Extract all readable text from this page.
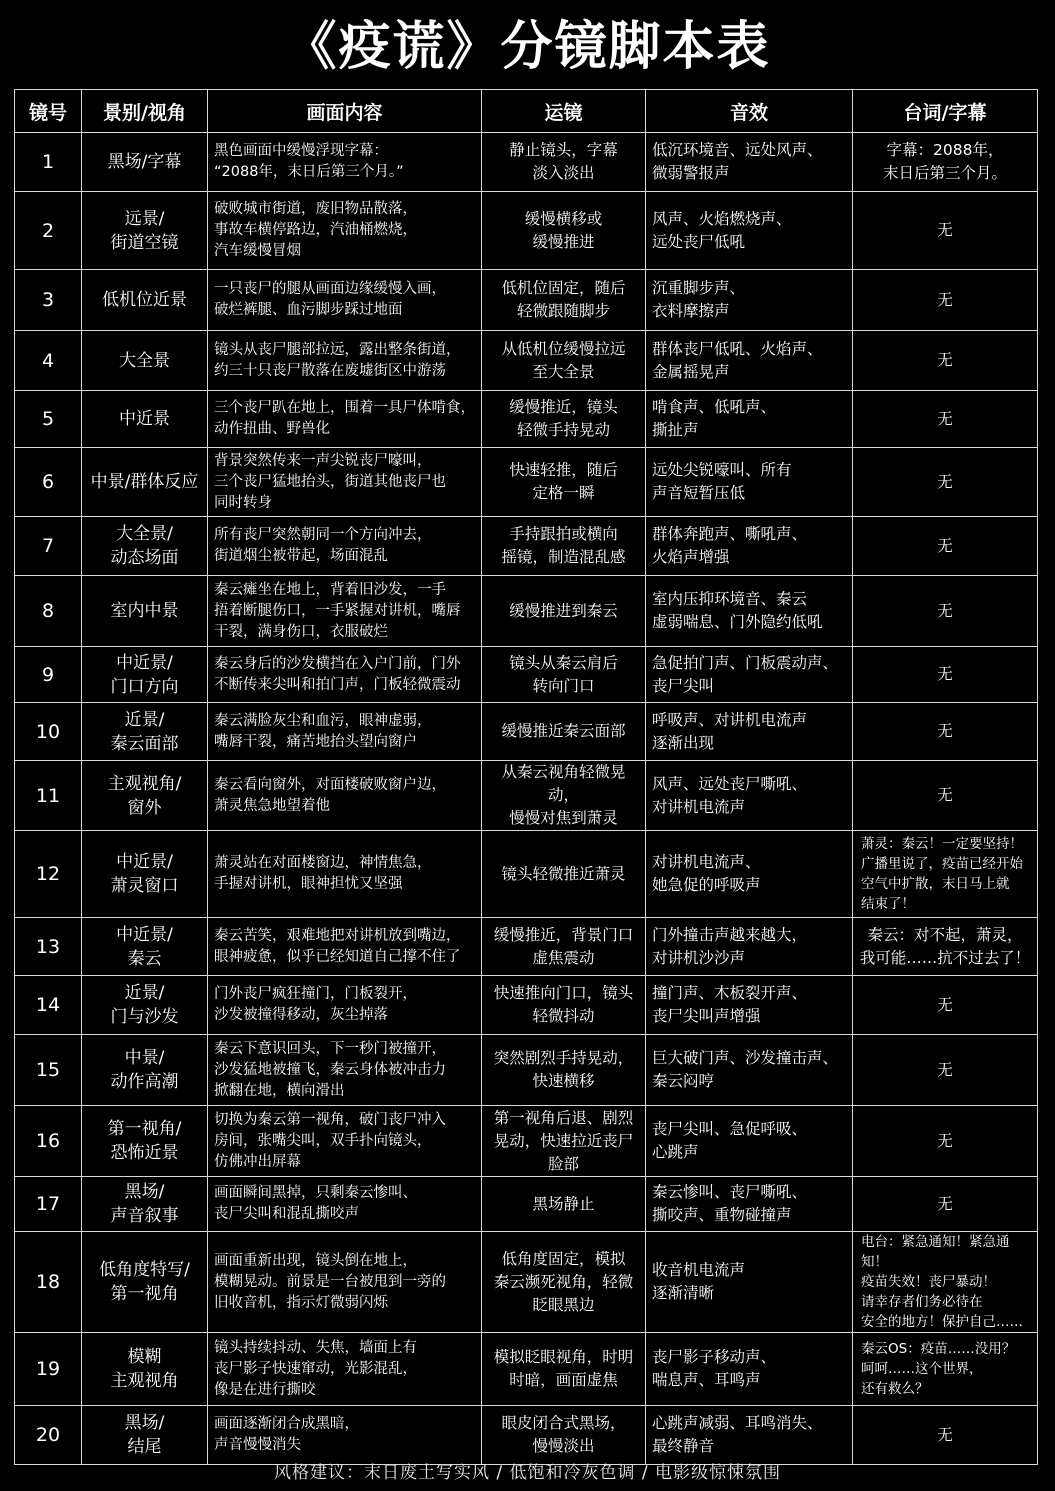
《疫谎》分镜脚本表
镜号	景别/视角	画面内容	运镜	音效	台词/字幕
1	黑场/字幕	黑色画面中缓慢浮现字幕：
“2088年，末日后第三个月。”	静止镜头，字幕
淡入淡出	低沉环境音、远处风声、
微弱警报声	字幕：2088年，
末日后第三个月。
2	远景/
街道空镜	破败城市街道，废旧物品散落，
事故车横停路边，汽油桶燃烧，
汽车缓慢冒烟	缓慢横移或
缓慢推进	风声、火焰燃烧声、
远处丧尸低吼	无
3	低机位近景	一只丧尸的腿从画面边缘缓慢入画，
破烂裤腿、血污脚步踩过地面	低机位固定，随后
轻微跟随脚步	沉重脚步声、
衣料摩擦声	无
4	大全景	镜头从丧尸腿部拉远，露出整条街道，
约三十只丧尸散落在废墟街区中游荡	从低机位缓慢拉远
至大全景	群体丧尸低吼、火焰声、
金属摇晃声	无
5	中近景	三个丧尸趴在地上，围着一具尸体啃食，
动作扭曲、野兽化	缓慢推近，镜头
轻微手持晃动	啃食声、低吼声、
撕扯声	无
6	中景/群体反应	背景突然传来一声尖锐丧尸嚎叫，
三个丧尸猛地抬头，街道其他丧尸也
同时转身	快速轻推，随后
定格一瞬	远处尖锐嚎叫、所有
声音短暂压低	无
7	大全景/
动态场面	所有丧尸突然朝同一个方向冲去，
街道烟尘被带起，场面混乱	手持跟拍或横向
摇镜，制造混乱感	群体奔跑声、嘶吼声、
火焰声增强	无
8	室内中景	秦云瘫坐在地上，背着旧沙发，一手
捂着断腿伤口，一手紧握对讲机，嘴唇
干裂，满身伤口，衣服破烂	缓慢推进到秦云	室内压抑环境音、秦云
虚弱喘息、门外隐约低吼	无
9	中近景/
门口方向	秦云身后的沙发横挡在入户门前，门外
不断传来尖叫和拍门声，门板轻微震动	镜头从秦云肩后
转向门口	急促拍门声、门板震动声、
丧尸尖叫	无
10	近景/
秦云面部	秦云满脸灰尘和血污，眼神虚弱，
嘴唇干裂，痛苦地抬头望向窗户	缓慢推近秦云面部	呼吸声、对讲机电流声
逐渐出现	无
11	主观视角/
窗外	秦云看向窗外，对面楼破败窗户边，
萧灵焦急地望着他	从秦云视角轻微晃动，
慢慢对焦到萧灵	风声、远处丧尸嘶吼、
对讲机电流声	无
12	中近景/
萧灵窗口	萧灵站在对面楼窗边，神情焦急，
手握对讲机，眼神担忧又坚强	镜头轻微推近萧灵	对讲机电流声、
她急促的呼吸声	萧灵：秦云！一定要坚持！
广播里说了，疫苗已经开始
空气中扩散，末日马上就
结束了！
13	中近景/
秦云	秦云苦笑，艰难地把对讲机放到嘴边，
眼神疲惫，似乎已经知道自己撑不住了	缓慢推近，背景门口
虚焦震动	门外撞击声越来越大，
对讲机沙沙声	秦云：对不起，萧灵，
我可能……抗不过去了！
14	近景/
门与沙发	门外丧尸疯狂撞门，门板裂开，
沙发被撞得移动，灰尘掉落	快速推向门口，镜头
轻微抖动	撞门声、木板裂开声、
丧尸尖叫声增强	无
15	中景/
动作高潮	秦云下意识回头，下一秒门被撞开，
沙发猛地被撞飞，秦云身体被冲击力
掀翻在地，横向滑出	突然剧烈手持晃动，
快速横移	巨大破门声、沙发撞击声、
秦云闷哼	无
16	第一视角/
恐怖近景	切换为秦云第一视角，破门丧尸冲入
房间，张嘴尖叫，双手扑向镜头，
仿佛冲出屏幕	第一视角后退、剧烈
晃动，快速拉近丧尸
脸部	丧尸尖叫、急促呼吸、
心跳声	无
17	黑场/
声音叙事	画面瞬间黑掉，只剩秦云惨叫、
丧尸尖叫和混乱撕咬声	黑场静止	秦云惨叫、丧尸嘶吼、
撕咬声、重物碰撞声	无
18	低角度特写/
第一视角	画面重新出现，镜头倒在地上，
模糊晃动。前景是一台被甩到一旁的
旧收音机，指示灯微弱闪烁	低角度固定，模拟
秦云濒死视角，轻微
眨眼黑边	收音机电流声
逐渐清晰	电台：紧急通知！紧急通知！
疫苗失效！丧尸暴动！
请幸存者们务必待在
安全的地方！保护自己……
19	模糊
主观视角	镜头持续抖动、失焦，墙面上有
丧尸影子快速窜动，光影混乱，
像是在进行撕咬	模拟眨眼视角，时明
时暗，画面虚焦	丧尸影子移动声、
喘息声、耳鸣声	秦云OS：疫苗……没用？
呵呵……这个世界，
还有救么？
20	黑场/
结尾	画面逐渐闭合成黑暗，
声音慢慢消失	眼皮闭合式黑场，
慢慢淡出	心跳声减弱、耳鸣消失、
最终静音	无
风格建议：末日废土写实风 / 低饱和冷灰色调 / 电影级惊悚氛围
